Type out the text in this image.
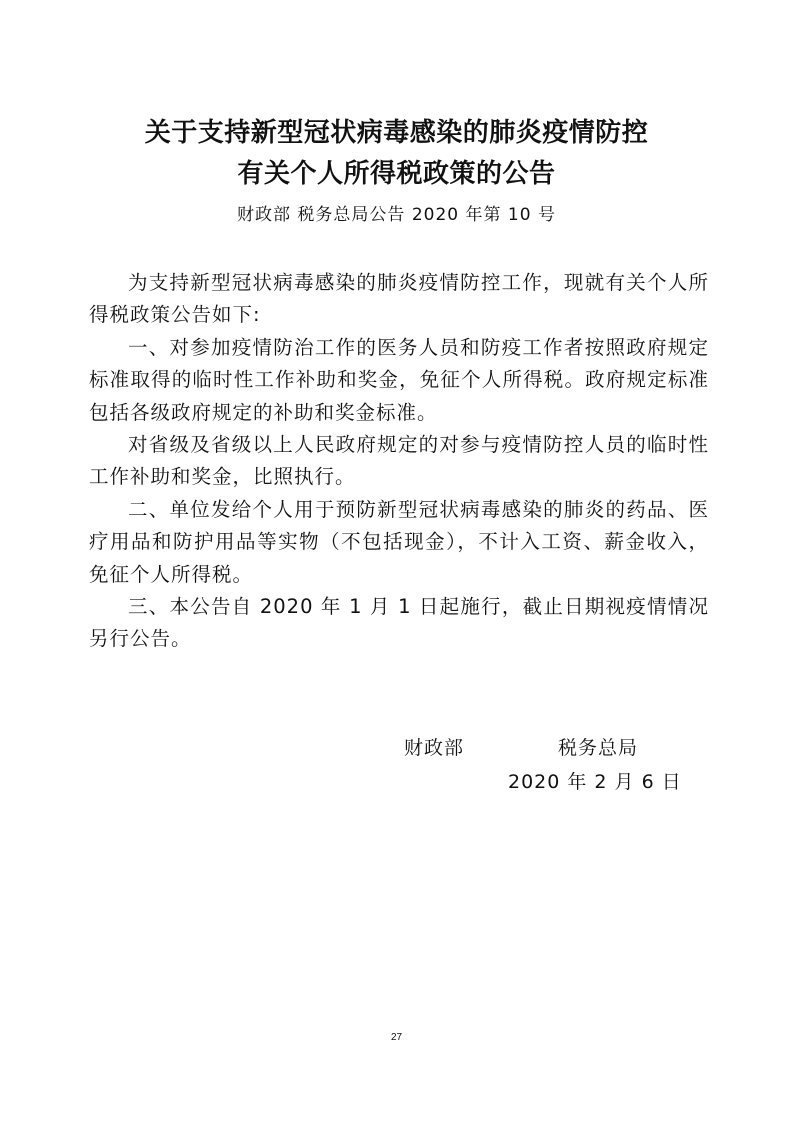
关于支持新型冠状病毒感染的肺炎疫情防控
有关个人所得税政策的公告
财政部 税务总局公告 2020 年第 10 号

为支持新型冠状病毒感染的肺炎疫情防控工作，现就有关个人所得税政策公告如下:

一、对参加疫情防治工作的医务人员和防疫工作者按照政府规定标准取得的临时性工作补助和奖金，免征个人所得税。政府规定标准包括各级政府规定的补助和奖金标准。

对省级及省级以上人民政府规定的对参与疫情防控人员的临时性工作补助和奖金，比照执行。

二、单位发给个人用于预防新型冠状病毒感染的肺炎的药品、医疗用品和防护用品等实物（不包括现金），不计入工资、薪金收入，免征个人所得税。

三、本公告自 2020 年 1 月 1 日起施行，截止日期视疫情情况另行公告。

财政部	税务总局
2020 年 2 月 6 日
27
